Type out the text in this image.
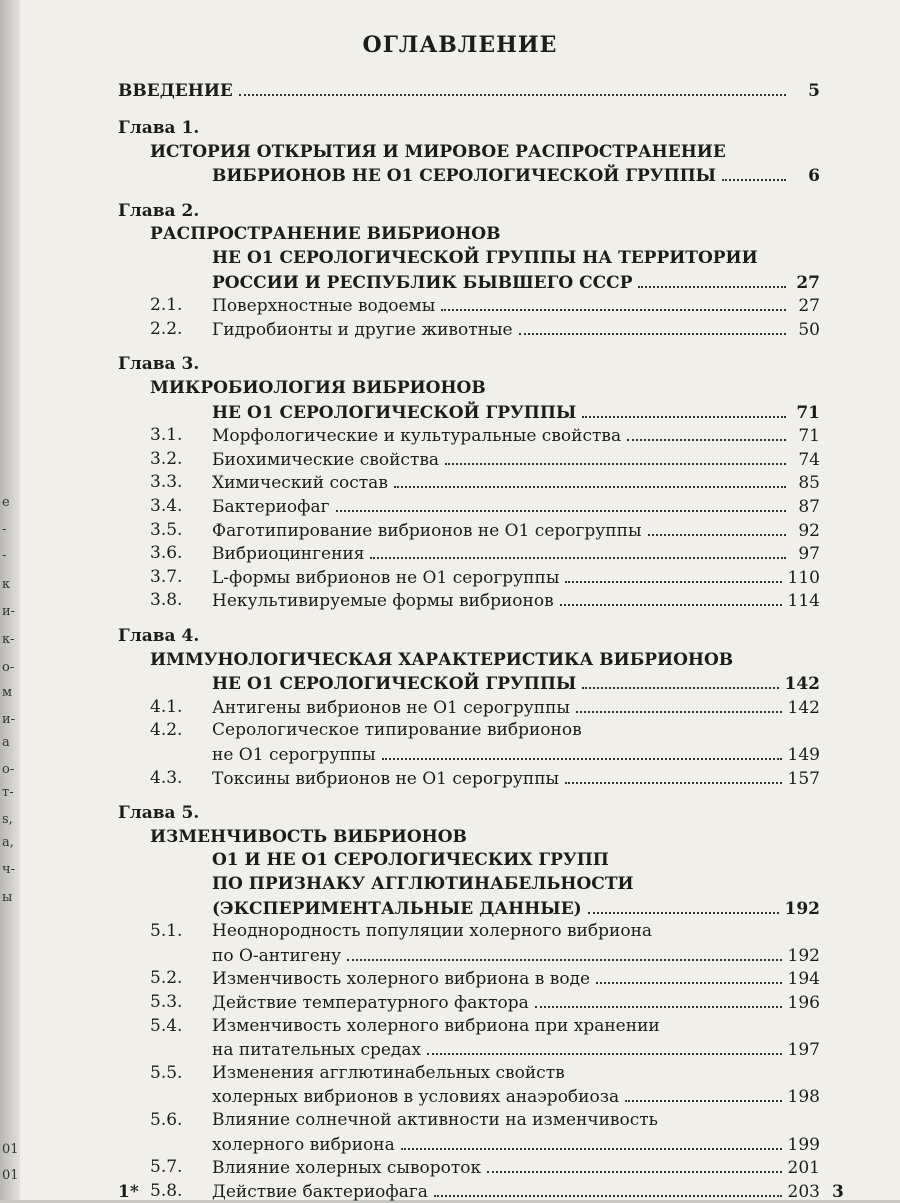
е
-
-
к
и-
к-
о-
м
и-
а
о-
т-
s,
а,
ч-
ы
01
01
ОГЛАВЛЕНИЕ
ВВЕДЕНИЕ	5
Глава 1.
ИСТОРИЯ ОТКРЫТИЯ И МИРОВОЕ РАСПРОСТРАНЕНИЕ
ВИБРИОНОВ НЕ О1 СЕРОЛОГИЧЕСКОЙ ГРУППЫ	6
Глава 2.
РАСПРОСТРАНЕНИЕ ВИБРИОНОВ
НЕ О1 СЕРОЛОГИЧЕСКОЙ ГРУППЫ НА ТЕРРИТОРИИ
РОССИИ И РЕСПУБЛИК БЫВШЕГО СССР	27
2.1. Поверхностные водоемы	27
2.2. Гидробионты и другие животные	50
Глава 3.
МИКРОБИОЛОГИЯ ВИБРИОНОВ
НЕ О1 СЕРОЛОГИЧЕСКОЙ ГРУППЫ	71
3.1. Морфологические и культуральные свойства	71
3.2. Биохимические свойства	74
3.3. Химический состав	85
3.4. Бактериофаг	87
3.5. Фаготипирование вибрионов не О1 серогруппы	92
3.6. Вибриоцингения	97
3.7. L-формы вибрионов не О1 серогруппы	110
3.8. Некультивируемые формы вибрионов	114
Глава 4.
ИММУНОЛОГИЧЕСКАЯ ХАРАКТЕРИСТИКА ВИБРИОНОВ
НЕ О1 СЕРОЛОГИЧЕСКОЙ ГРУППЫ	142
4.1. Антигены вибрионов не О1 серогруппы	142
4.2. Серологическое типирование вибрионов
не О1 серогруппы	149
4.3. Токсины вибрионов не О1 серогруппы	157
Глава 5.
ИЗМЕНЧИВОСТЬ ВИБРИОНОВ
О1 И НЕ О1 СЕРОЛОГИЧЕСКИХ ГРУПП
ПО ПРИЗНАКУ АГГЛЮТИНАБЕЛЬНОСТИ
(ЭКСПЕРИМЕНТАЛЬНЫЕ ДАННЫЕ)	192
5.1. Неоднородность популяции холерного вибриона
по О-антигену	192
5.2. Изменчивость холерного вибриона в воде	194
5.3. Действие температурного фактора	196
5.4. Изменчивость холерного вибриона при хранении
на питательных средах	197
5.5. Изменения агглютинабельных свойств
холерных вибрионов в условиях анаэробиоза	198
5.6. Влияние солнечной активности на изменчивость
холерного вибриона	199
5.7. Влияние холерных сывороток	201
5.8. Действие бактериофага	203
1*	3
